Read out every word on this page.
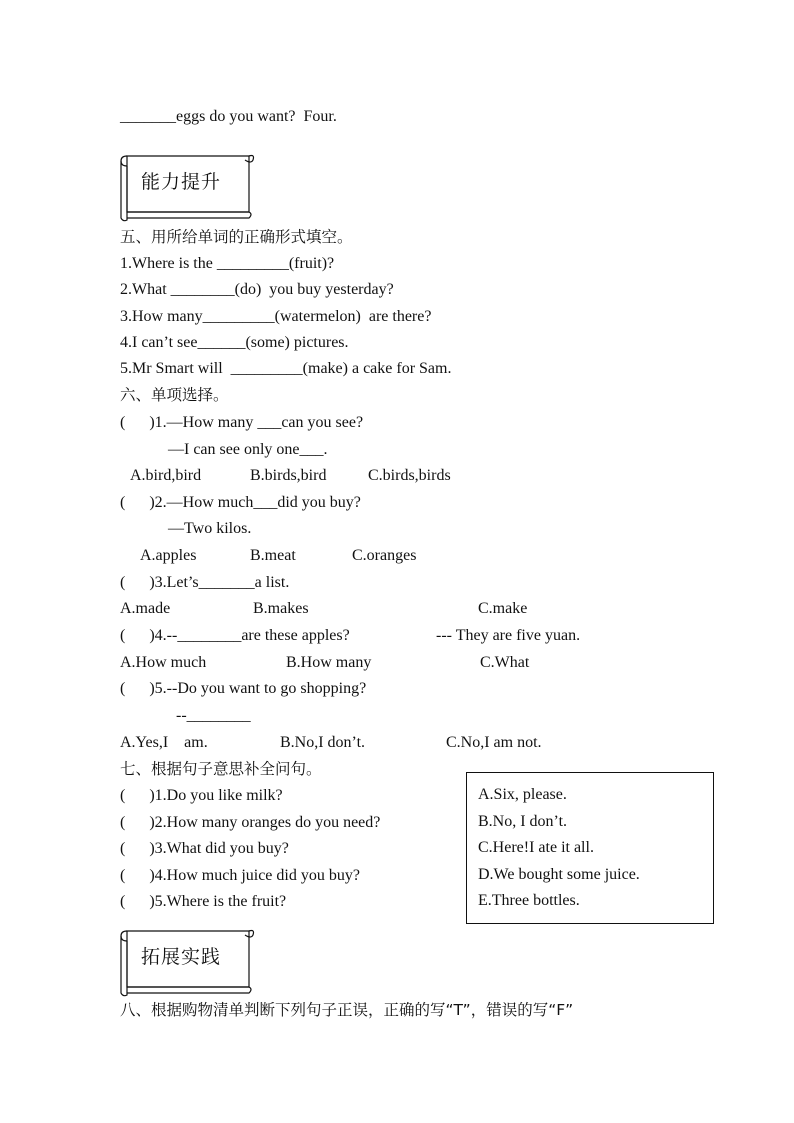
_______eggs do you want?  Four.
能力提升
五、用所给单词的正确形式填空。
1.Where is the _________(fruit)?
2.What ________(do)  you buy yesterday?
3.How many_________(watermelon)  are there?
4.I can’t see______(some) pictures.
5.Mr Smart will  _________(make) a cake for Sam.
六、单项选择。
(      )1.—How many ___can you see?
—I can see only one___.
A.bird,bird	B.birds,bird	C.birds,birds
(      )2.—How much___did you buy?
—Two kilos.
A.apples	B.meat	C.oranges
(      )3.Let’s_______a list.
A.made	B.makes	C.make
(      )4.--________are these apples?	--- They are five yuan.
A.How much	B.How many	C.What
(      )5.--Do you want to go shopping?
--________
A.Yes,I    am.	B.No,I don’t.	C.No,I am not.
七、根据句子意思补全问句。
(      )1.Do you like milk?
(      )2.How many oranges do you need?
(      )3.What did you buy?
(      )4.How much juice did you buy?
(      )5.Where is the fruit?
A.Six, please.
B.No, I don’t.
C.Here!I ate it all.
D.We bought some juice.
E.Three bottles.
拓展实践
八、根据购物清单判断下列句子正误，正确的写“T”，错误的写“F”
